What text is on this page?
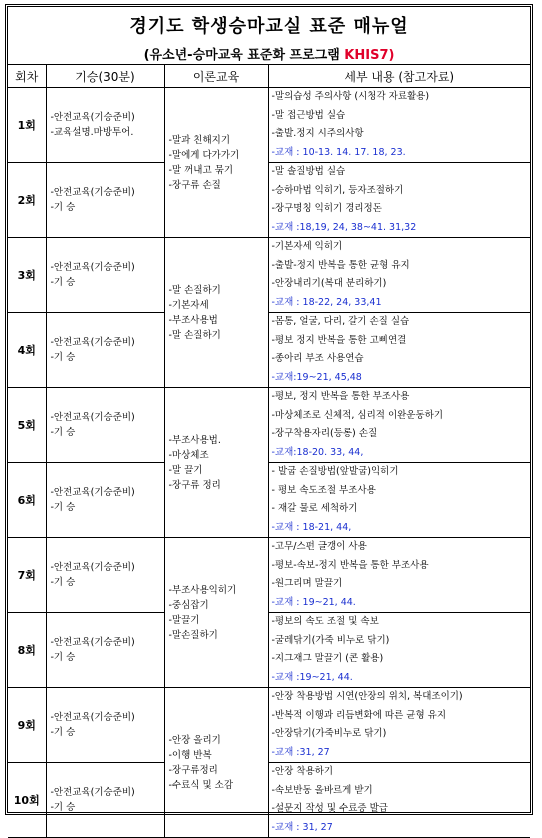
경기도 학생승마교실 표준 매뉴얼
(유소년-승마교육 표준화 프로그램 KHIS7)
회차	기승(30분)	이론교육	세부 내용 (참고자료)
1회	-안전교육(기승준비)
-교육설명.마방투어.	-말과 친해지기
-말에게 다가가기
-말 꺼내고 묶기
-장구류 손질	-말의습성 주의사항 (시청각 자료활용)
-말 접근방법 실습
-출발.정지 시주의사항
-교재 : 10-13. 14. 17. 18, 23.

2회	-안전교육(기승준비)
-기 승		-말 솔질방법 실습
-승하마법 익히기, 등자조절하기
-장구명칭 익히기 경리정돈
-교재 :18,19, 24, 38~41. 31,32

3회	-안전교육(기승준비)
-기 승	-말 손질하기
-기본자세
-부조사용법
-말 손질하기	-기본자세 익히기
-출발-정지 반복을 통한 균형 유지
-안장내리기(복대 분리하기)
-교재 : 18-22, 24, 33,41

4회	-안전교육(기승준비)
-기 승		-몸통, 얼굴, 다리, 갈기 손질 실습
-평보 정지 반복을 통한 고삐연결
-종아리 부조 사용연습
-교재:19~21, 45,48

5회	-안전교육(기승준비)
-기 승	-부조사용법.
-마상체조
-말 끌기
-장구류 정리	-평보, 정지 반복을 통한 부조사용
-마상체조로 신체적, 심리적 이완운동하기
-장구착용자리(등롱) 손질
-교재:18-20. 33, 44,

6회	-안전교육(기승준비)
-기 승		- 발굽 손질방법(앞발굽)익히기
- 평보 속도조절 부조사용
- 재갈 물로 세척하기
-교재 : 18-21, 44,

7회	-안전교육(기승준비)
-기 승	-부조사용익히기
-중심잡기
-말끌기
-말손질하기	-고무/스펀 글갱이 사용
-평보-속보-정지 반복을 통한 부조사용
-원그리며 말끌기
-교재 : 19~21, 44.

8회	-안전교육(기승준비)
-기 승		-평보의 속도 조절 및 속보
-굴레닦기(가죽 비누로 닦기)
-지그재그 말끌기 (콘 활용)
-교재 :19~21, 44.

9회	-안전교육(기승준비)
-기 승	-안장 올리기
-이행 반복
-장구류정리
-수료식 및 소감	-안장 착용방법 시연(안장의 위치, 복대조이기)
-반복적 이행과 리듬변화에 따른 균형 유지
-안장닦기(가죽비누로 닦기)
-교재 :31, 27

10회	-안전교육(기승준비)
-기 승		-안장 착용하기
-속보반동 올바르게 받기
-설문지 작성 및 수료증 발급
-교재 : 31, 27
